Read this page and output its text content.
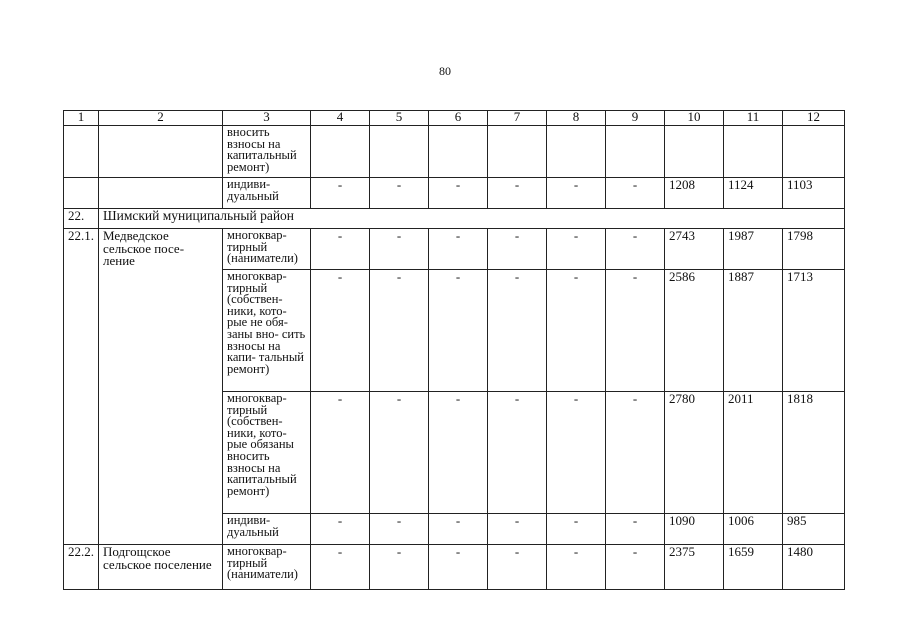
80
1	2	3	4	5	6	7	8	9	10	11	12
		вносить взносы на капитальный ремонт)									
		индиви- дуальный	-	-	-	-	-	-	1208	1124	1103
22.	Шимский муниципальный район										
22.1.	Медведское сельское посе- ление	многоквар- тирный (наниматели)	-	-	-	-	-	-	2743	1987	1798
		многоквар- тирный (собствен- ники, кото- рые не обя- заны вно- сить взносы на капи- тальный ремонт)	-	-	-	-	-	-	2586	1887	1713
		многоквар- тирный (собствен- ники, кото- рые обязаны вносить взносы на капитальный ремонт)	-	-	-	-	-	-	2780	2011	1818
		индиви- дуальный	-	-	-	-	-	-	1090	1006	985
22.2.	Подгощское сельское поселение	многоквар- тирный (наниматели)	-	-	-	-	-	-	2375	1659	1480
